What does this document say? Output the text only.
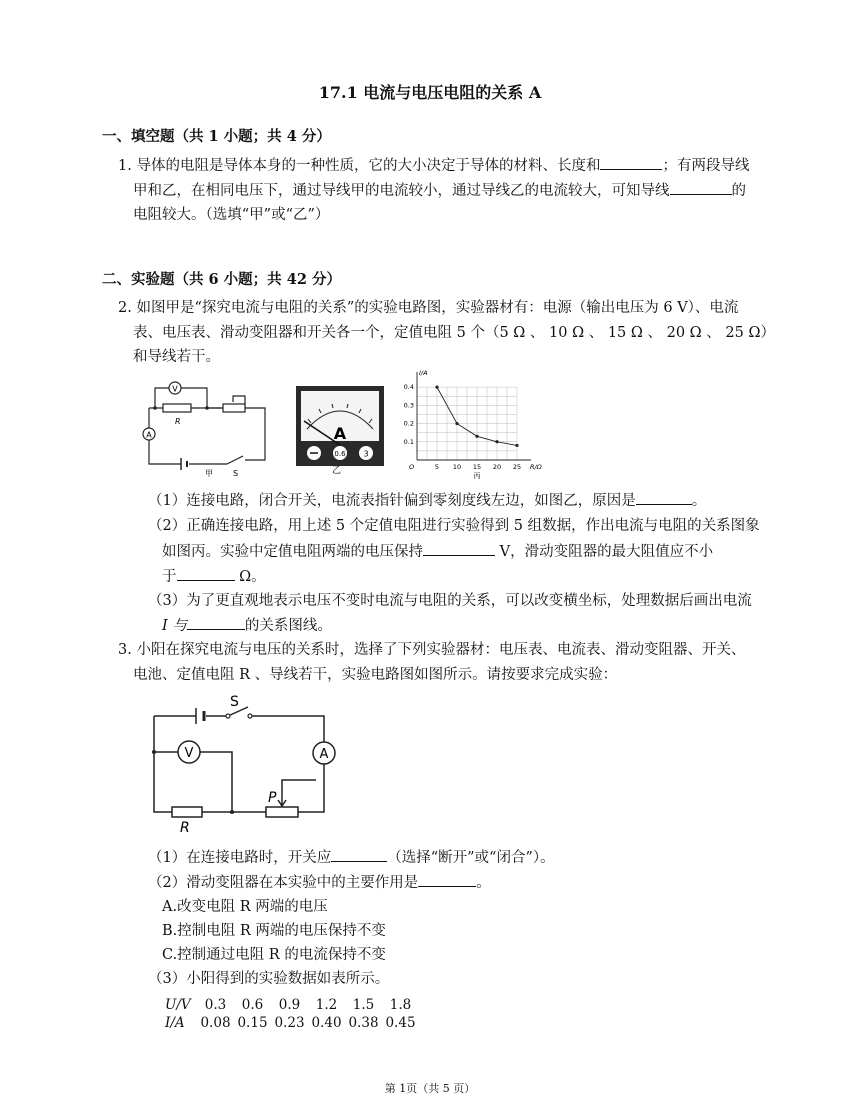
17.1 电流与电压电阻的关系 A
一、填空题（共 1 小题；共 4 分）
1. 导体的电阻是导体本身的一种性质，它的大小决定于导体的材料、长度和	；有两段导线
甲和乙，在相同电压下，通过导线甲的电流较小，通过导线乙的电流较大，可知导线	的
电阻较大。（选填“甲”或“乙”）
二、实验题（共 6 小题；共 42 分）
2. 如图甲是“探究电流与电阻的关系”的实验电路图，实验器材有：电源（输出电压为 6 V）、电流
表、电压表、滑动变阻器和开关各一个，定值电阻 5 个（5 Ω 、 10 Ω 、 15 Ω 、 20 Ω 、 25 Ω）
和导线若干。
V
A
R
S
甲
A
0.6 3
乙	5 10 15 20 25
0.1
0.2
0.3
0.4
I/A
R/Ω
O
丙
（1）连接电路，闭合开关，电流表指针偏到零刻度线左边，如图乙，原因是	。
（2）正确连接电路，用上述 5 个定值电阻进行实验得到 5 组数据，作出电流与电阻的关系图象
如图丙。实验中定值电阻两端的电压保持	V，滑动变阻器的最大阻值应不小
于	Ω。
（3）为了更直观地表示电压不变时电流与电阻的关系，可以改变横坐标，处理数据后画出电流
I 与	的关系图线。
3. 小阳在探究电流与电压的关系时，选择了下列实验器材：电压表、电流表、滑动变阻器、开关、
电池、定值电阻 R 、导线若干，实验电路图如图所示。请按要求完成实验：
V	A
S
P
R
（1）在连接电路时，开关应	（选择“断开”或“闭合”）。
（2）滑动变阻器在本实验中的主要作用是	。
A.改变电阻 R 两端的电压
B.控制电阻 R 两端的电压保持不变
C.控制通过电阻 R 的电流保持不变
（3）小阳得到的实验数据如表所示。
U/V	0.3	0.6	0.9	1.2	1.5	1.8
I/A	0.08 0.15 0.23 0.40 0.38 0.45
第 1页（共 5 页）
